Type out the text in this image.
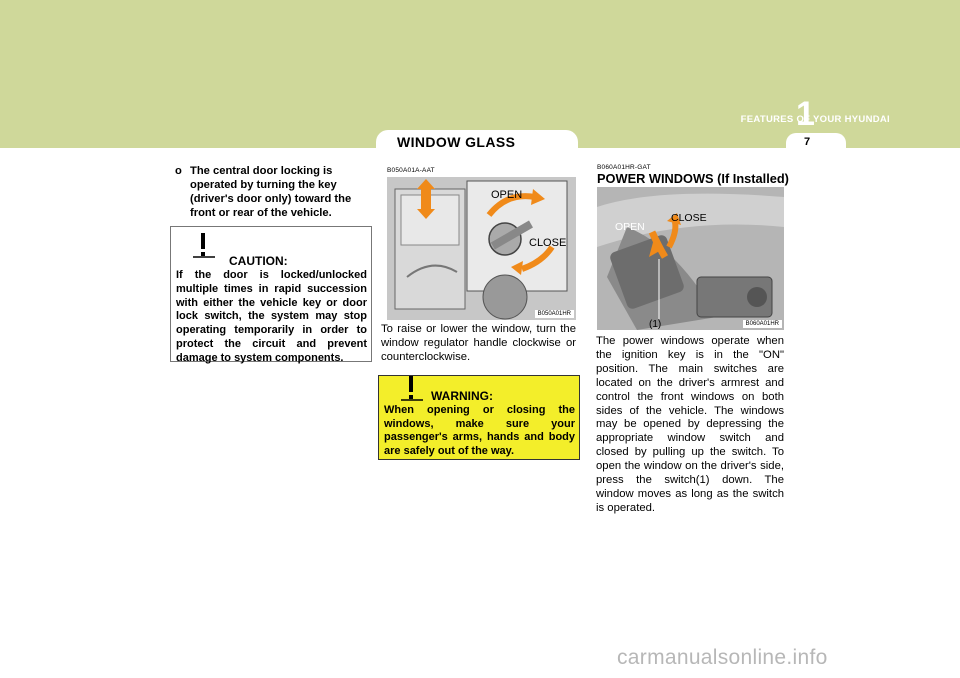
FEATURES OF YOUR HYUNDAI
1
7
WINDOW GLASS
o The central door locking is operated by turning the key (driver's door only) toward the front or rear of the vehicle.
CAUTION:
If the door is locked/unlocked multiple times in rapid succession with either the vehicle key or door lock switch, the system may stop operating temporarily in order to protect the circuit and prevent damage to system components.
B050A01A-AAT
OPEN
CLOSE
B050A01HR
To raise or lower the window, turn the window regulator handle clockwise or counterclockwise.
WARNING:
When opening or closing the windows, make sure your passenger's arms, hands and body are safely out of the way.
B060A01HR-GAT
POWER WINDOWS (If Installed)
OPEN
CLOSE
(1)	B060A01HR
The power windows operate when the ignition key is in the "ON" position. The main switches are located on the driver's armrest and control the front windows on both sides of the vehicle. The windows may be opened by depressing the appropriate window switch and closed by pulling up the switch. To open the window on the driver's side, press the switch(1) down. The window moves as long as the switch is operated.
carmanualsonline.info
